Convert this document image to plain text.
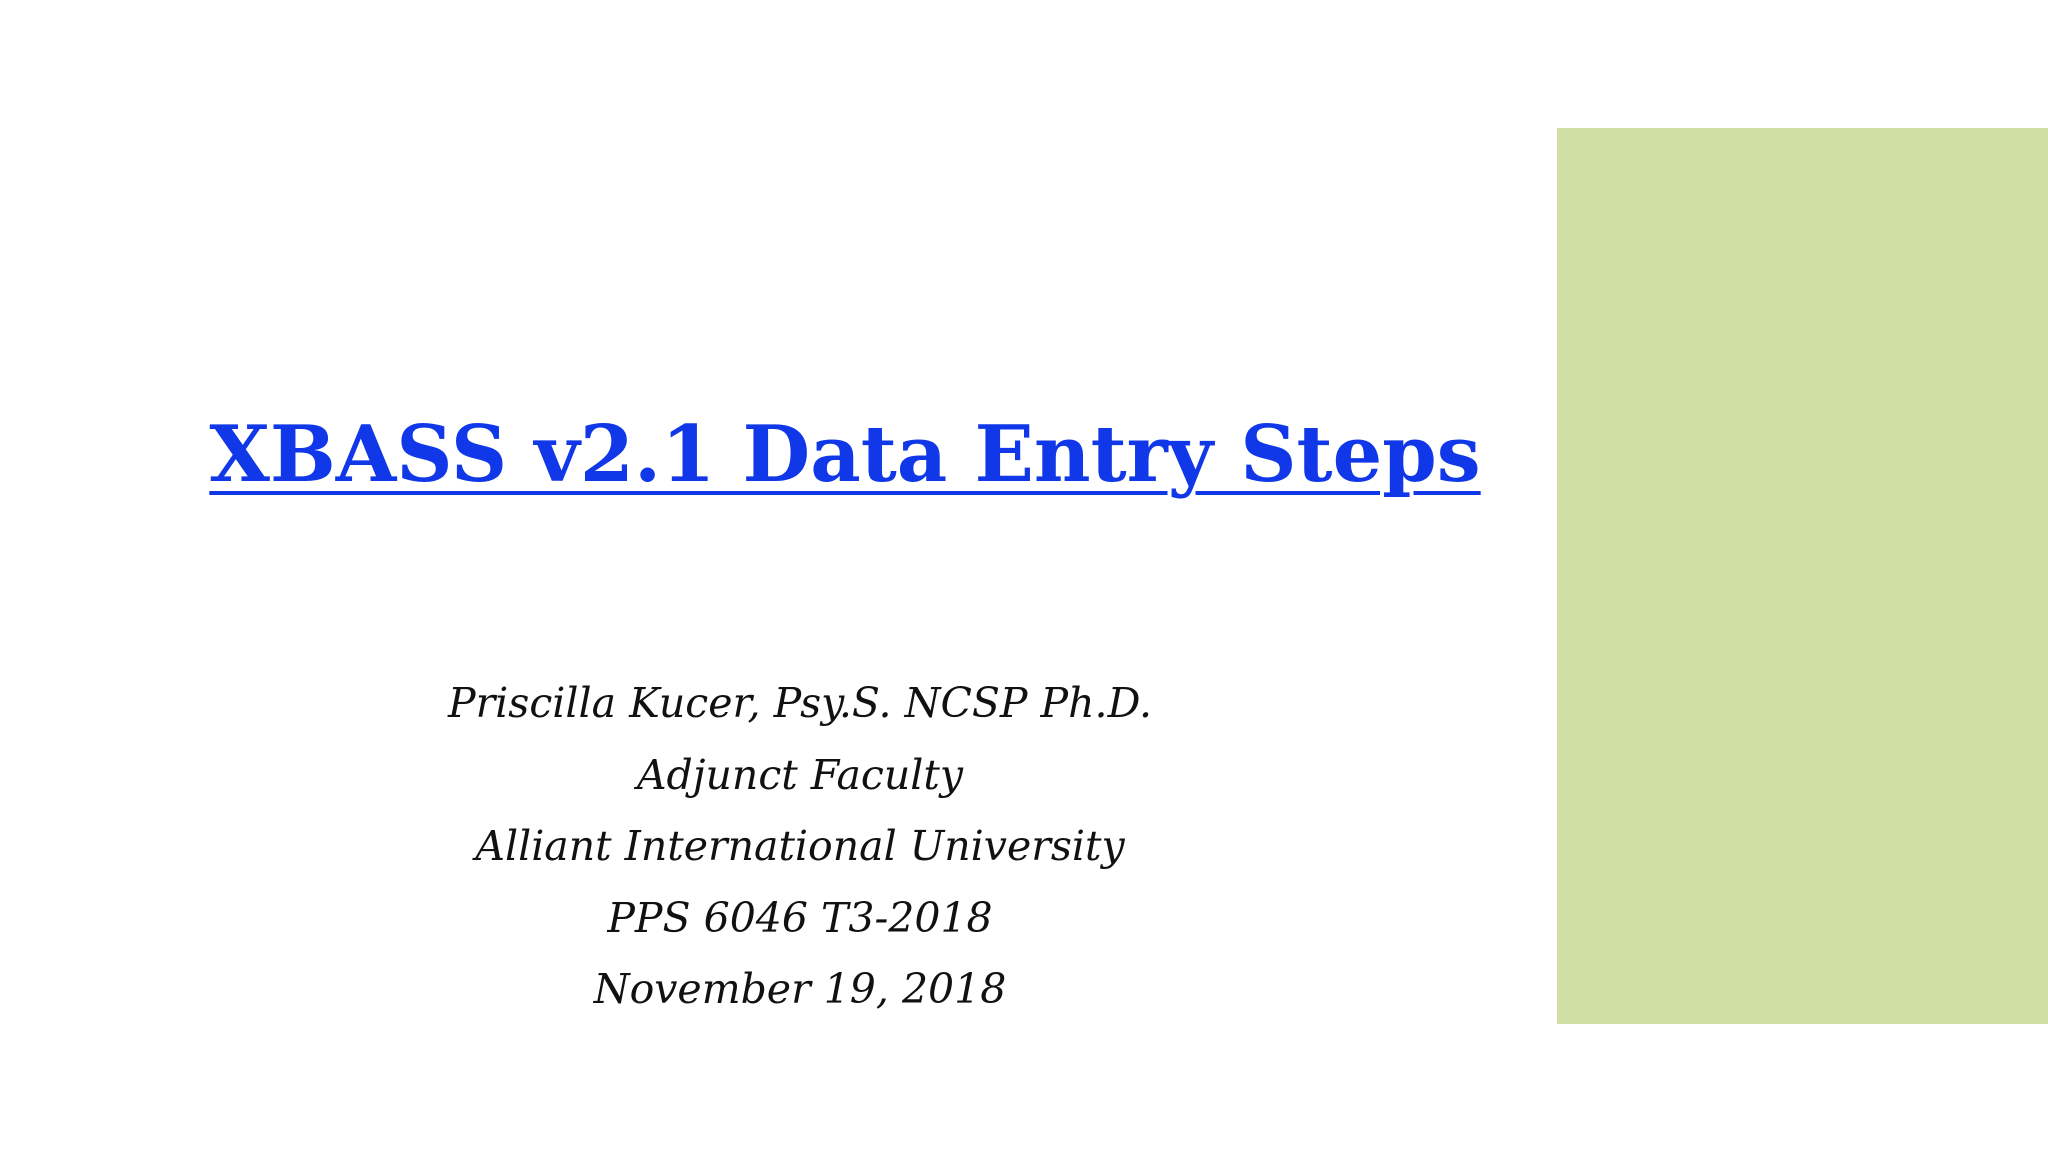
XBASS v2.1 Data Entry Steps
Priscilla Kucer, Psy.S. NCSP Ph.D.
Adjunct Faculty
Alliant International University
PPS 6046 T3-2018
November 19, 2018
